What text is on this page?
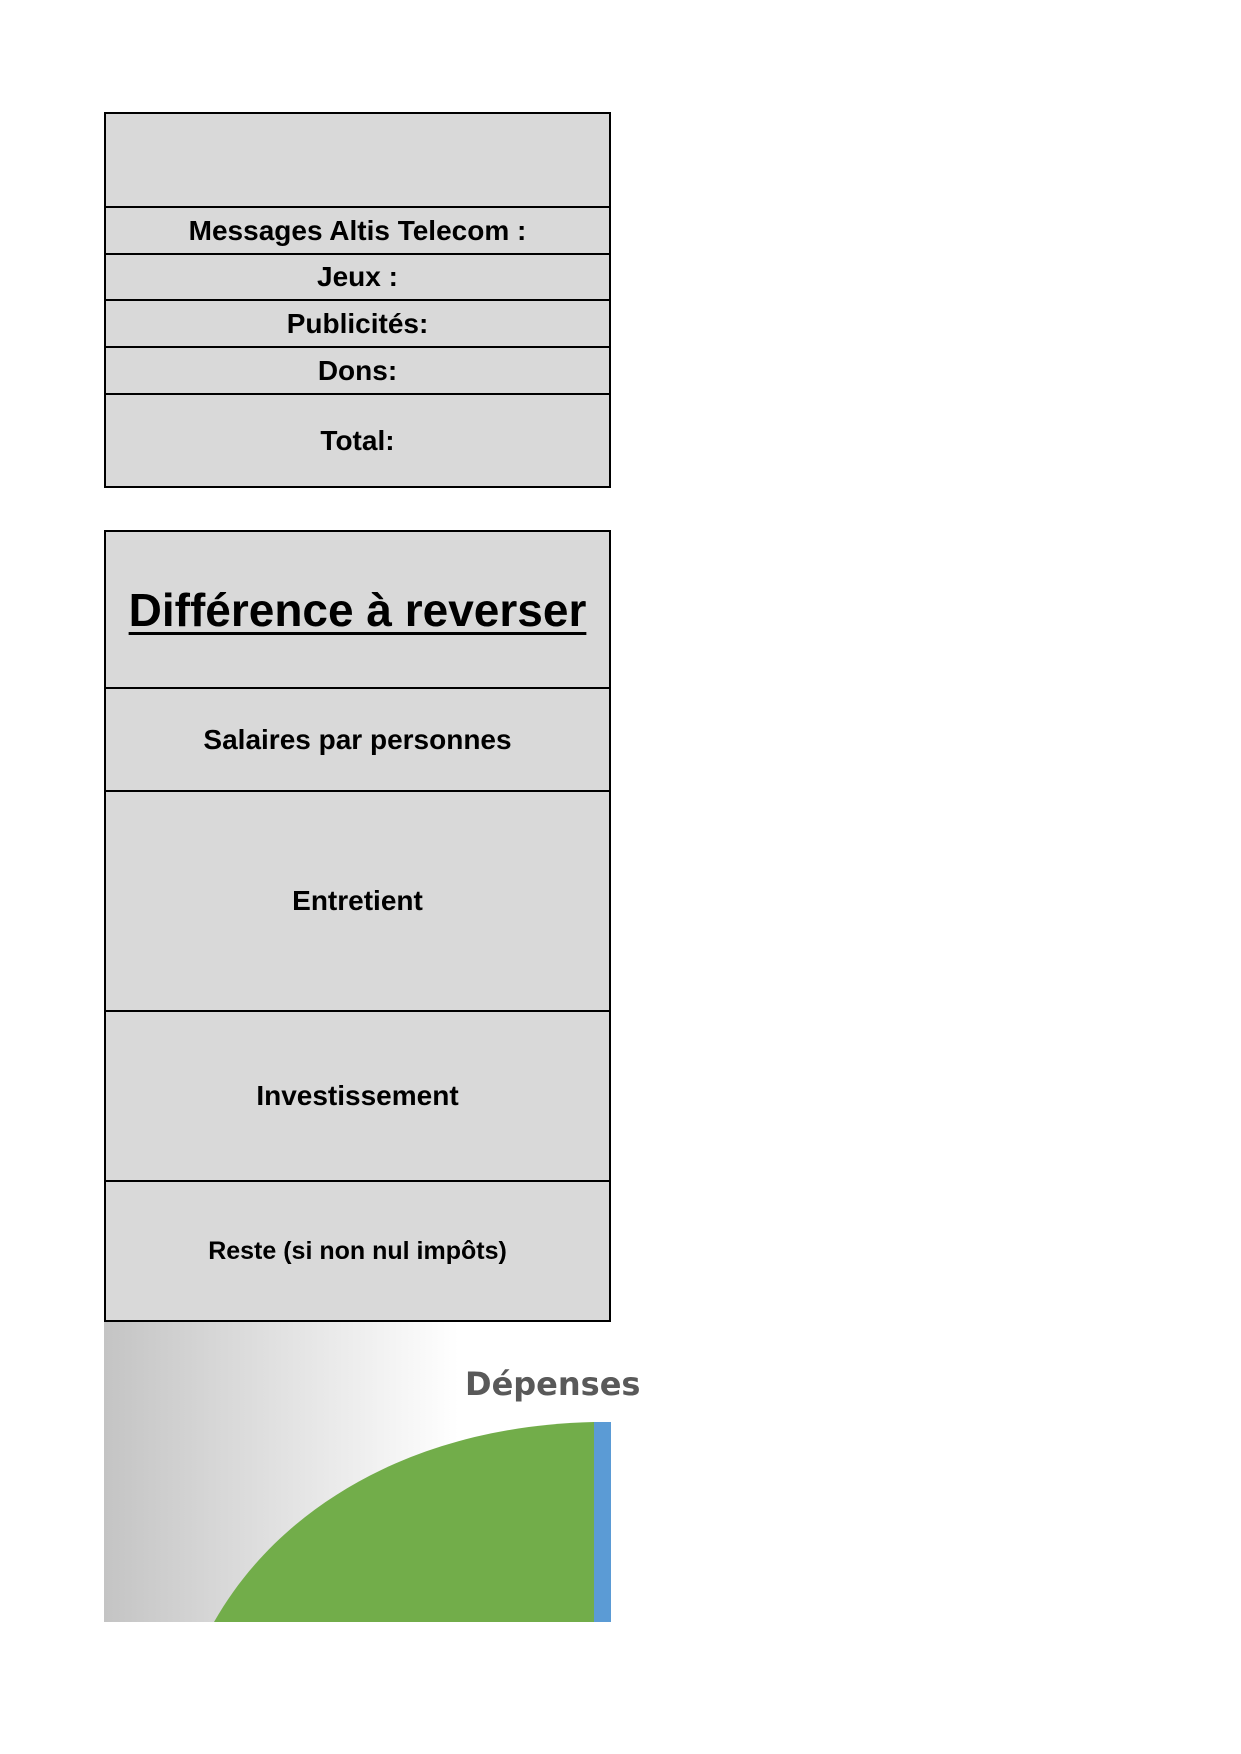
Messages Altis Telecom :
Jeux :
Publicités:
Dons:
Total:
Différence à reverser
Salaires par personnes
Entretient
Investissement
Reste (si non nul impôts)
Dépenses
